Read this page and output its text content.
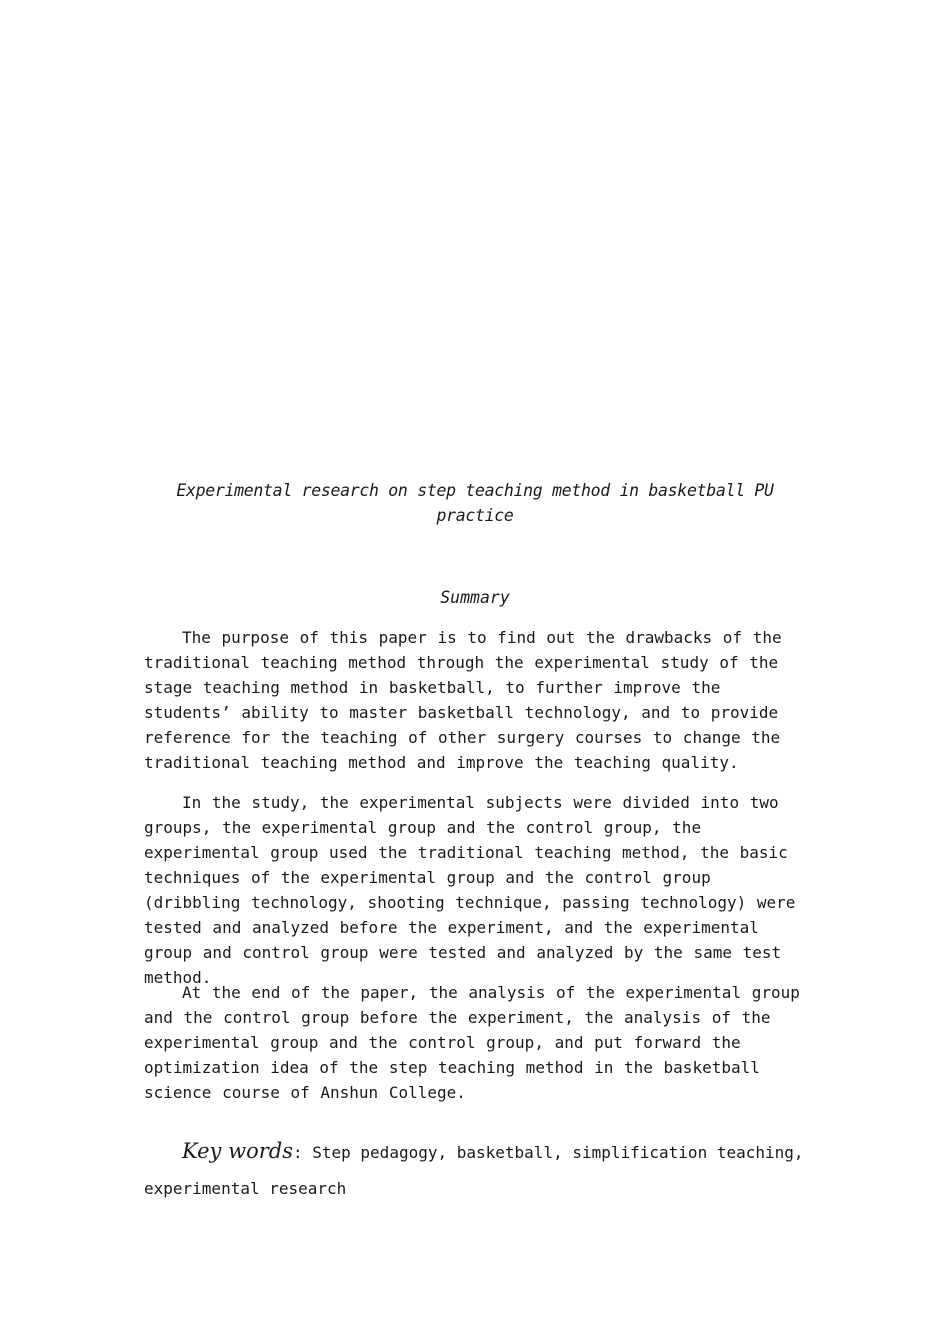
Experimental research on step teaching method in basketball PU practice
Summary

The purpose of this paper is to find out the drawbacks of the traditional teaching method through the experimental study of the stage teaching method in basketball, to further improve the students’ ability to master basketball technology, and to provide reference for the teaching of other surgery courses to change the traditional teaching method and improve the teaching quality.

In the study, the experimental subjects were divided into two groups, the experimental group and the control group, the experimental group used the traditional teaching method, the basic techniques of the experimental group and the control group (dribbling technology, shooting technique, passing technology) were tested and analyzed before the experiment, and the experimental group and control group were tested and analyzed by the same test method.

At the end of the paper, the analysis of the experimental group and the control group before the experiment, the analysis of the experimental group and the control group, and put forward the optimization idea of the step teaching method in the basketball science course of Anshun College.

Key words: Step pedagogy, basketball, simplification teaching, experimental research
